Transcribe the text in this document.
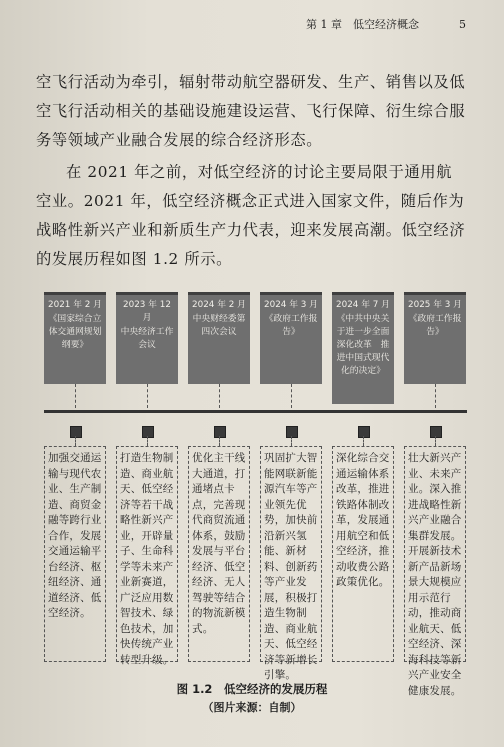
第 1 章　低空经济概念	5

空飞行活动为牵引，辐射带动航空器研发、生产、销售以及低空飞行活动相关的基础设施建设运营、飞行保障、衍生综合服务等领域产业融合发展的综合经济形态。

在 2021 年之前，对低空经济的讨论主要局限于通用航空业。2021 年，低空经济概念正式进入国家文件，随后作为战略性新兴产业和新质生产力代表，迎来发展高潮。低空经济的发展历程如图 1.2 所示。

2021 年 2 月
《国家综合立体交通网规划纲要》
2023 年 12 月
中央经济工作会议
2024 年 2 月
中央财经委第四次会议
2024 年 3 月
《政府工作报告》
2024 年 7 月
《中共中央关于进一步全面深化改革　推进中国式现代化的决定》
2025 年 3 月
《政府工作报告》
加强交通运输与现代农业、生产制造、商贸金融等跨行业合作，发展交通运输平台经济、枢纽经济、通道经济、低空经济。
打造生物制造、商业航天、低空经济等若干战略性新兴产业，开辟量子、生命科学等未来产业新赛道，广泛应用数智技术、绿色技术，加快传统产业转型升级。
优化主干线大通道，打通堵点卡点，完善现代商贸流通体系，鼓励发展与平台经济、低空经济、无人驾驶等结合的物流新模式。
巩固扩大智能网联新能源汽车等产业领先优势，加快前沿新兴氢能、新材料、创新药等产业发展，积极打造生物制造、商业航天、低空经济等新增长引擎。
深化综合交通运输体系改革，推进铁路体制改革，发展通用航空和低空经济，推动收费公路政策优化。
壮大新兴产业、未来产业。深入推进战略性新兴产业融合集群发展。开展新技术新产品新场景大规模应用示范行动，推动商业航天、低空经济、深海科技等新兴产业安全健康发展。
图 1.2　低空经济的发展历程
（图片来源：自制）
